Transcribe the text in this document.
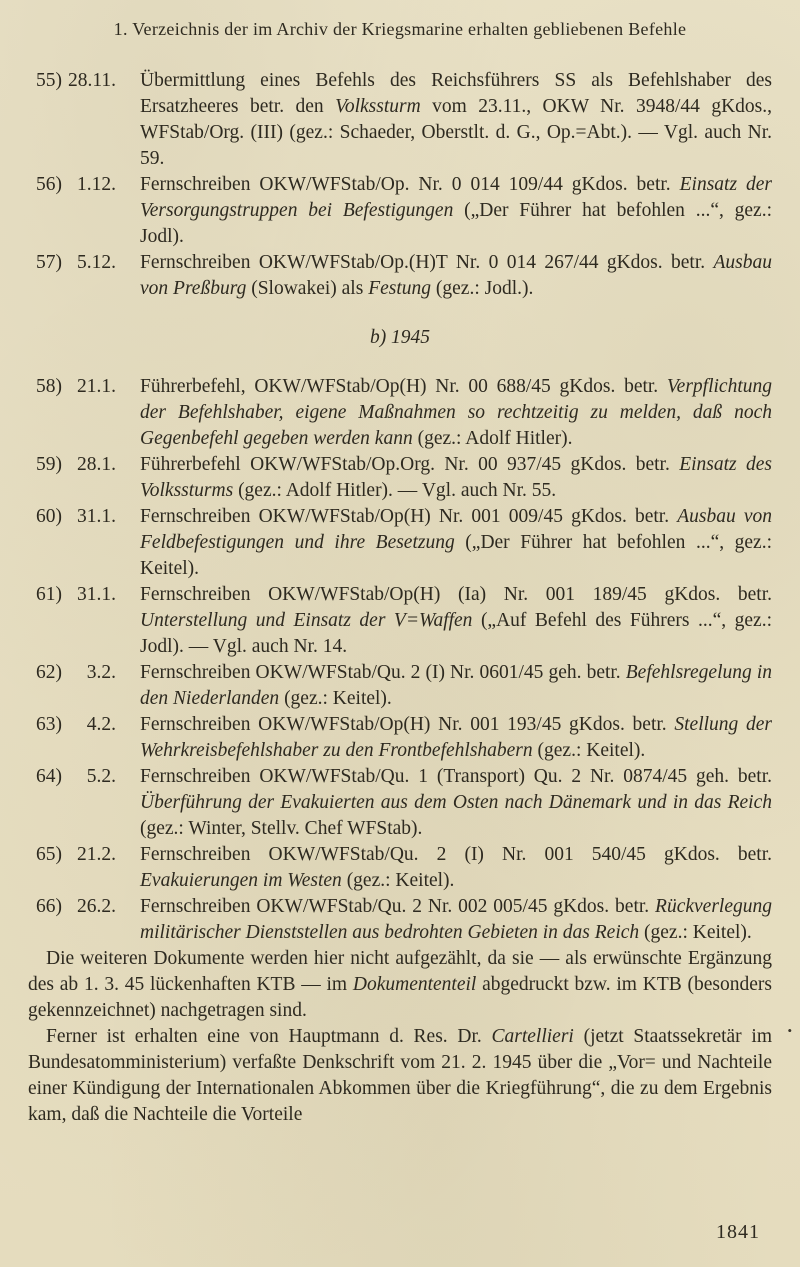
1. Verzeichnis der im Archiv der Kriegsmarine erhalten gebliebenen Befehle
55) 28.11. Übermittlung eines Befehls des Reichsführers SS als Befehlshaber des Ersatzheeres betr. den Volkssturm vom 23.11., OKW Nr. 3948/44 gKdos., WFStab/Org. (III) (gez.: Schaeder, Oberstlt. d. G., Op.=Abt.). — Vgl. auch Nr. 59.
56) 1.12. Fernschreiben OKW/WFStab/Op. Nr. 0 014 109/44 gKdos. betr. Einsatz der Versorgungstruppen bei Befestigungen („Der Führer hat befohlen ...“, gez.: Jodl).
57) 5.12. Fernschreiben OKW/WFStab/Op.(H)T Nr. 0 014 267/44 gKdos. betr. Ausbau von Preßburg (Slowakei) als Festung (gez.: Jodl.).
b) 1945
58) 21.1. Führerbefehl, OKW/WFStab/Op(H) Nr. 00 688/45 gKdos. betr. Verpflichtung der Befehlshaber, eigene Maßnahmen so rechtzeitig zu melden, daß noch Gegenbefehl gegeben werden kann (gez.: Adolf Hitler).
59) 28.1. Führerbefehl OKW/WFStab/Op.Org. Nr. 00 937/45 gKdos. betr. Einsatz des Volkssturms (gez.: Adolf Hitler). — Vgl. auch Nr. 55.
60) 31.1. Fernschreiben OKW/WFStab/Op(H) Nr. 001 009/45 gKdos. betr. Ausbau von Feldbefestigungen und ihre Besetzung („Der Führer hat befohlen ...“, gez.: Keitel).
61) 31.1. Fernschreiben OKW/WFStab/Op(H) (Ia) Nr. 001 189/45 gKdos. betr. Unterstellung und Einsatz der V=Waffen („Auf Befehl des Führers ...“, gez.: Jodl). — Vgl. auch Nr. 14.
62)	3.2. Fernschreiben OKW/WFStab/Qu. 2 (I) Nr. 0601/45 geh. betr. Befehlsregelung in den Niederlanden (gez.: Keitel).
63)	4.2. Fernschreiben OKW/WFStab/Op(H) Nr. 001 193/45 gKdos. betr. Stellung der Wehrkreisbefehlshaber zu den Frontbefehlshabern (gez.: Keitel).
64)	5.2. Fernschreiben OKW/WFStab/Qu. 1 (Transport) Qu. 2 Nr. 0874/45 geh. betr. Überführung der Evakuierten aus dem Osten nach Dänemark und in das Reich (gez.: Winter, Stellv. Chef WFStab).
65) 21.2. Fernschreiben OKW/WFStab/Qu. 2 (I) Nr. 001 540/45 gKdos. betr. Evakuierungen im Westen (gez.: Keitel).
66) 26.2. Fernschreiben OKW/WFStab/Qu. 2 Nr. 002 005/45 gKdos. betr. Rückverlegung militärischer Dienststellen aus bedrohten Gebieten in das Reich (gez.: Keitel).

Die weiteren Dokumente werden hier nicht aufgezählt, da sie — als erwünschte Ergänzung des ab 1. 3. 45 lückenhaften KTB — im Dokumententeil abgedruckt bzw. im KTB (besonders gekennzeichnet) nachgetragen sind.

Ferner ist erhalten eine von Hauptmann d. Res. Dr. Cartellieri (jetzt Staatssekretär im Bundesatomministerium) verfaßte Denkschrift vom 21. 2. 1945 über die „Vor= und Nachteile einer Kündigung der Internationalen Abkommen über die Kriegführung“, die zu dem Ergebnis kam, daß die Nachteile die Vorteile

•
1841
